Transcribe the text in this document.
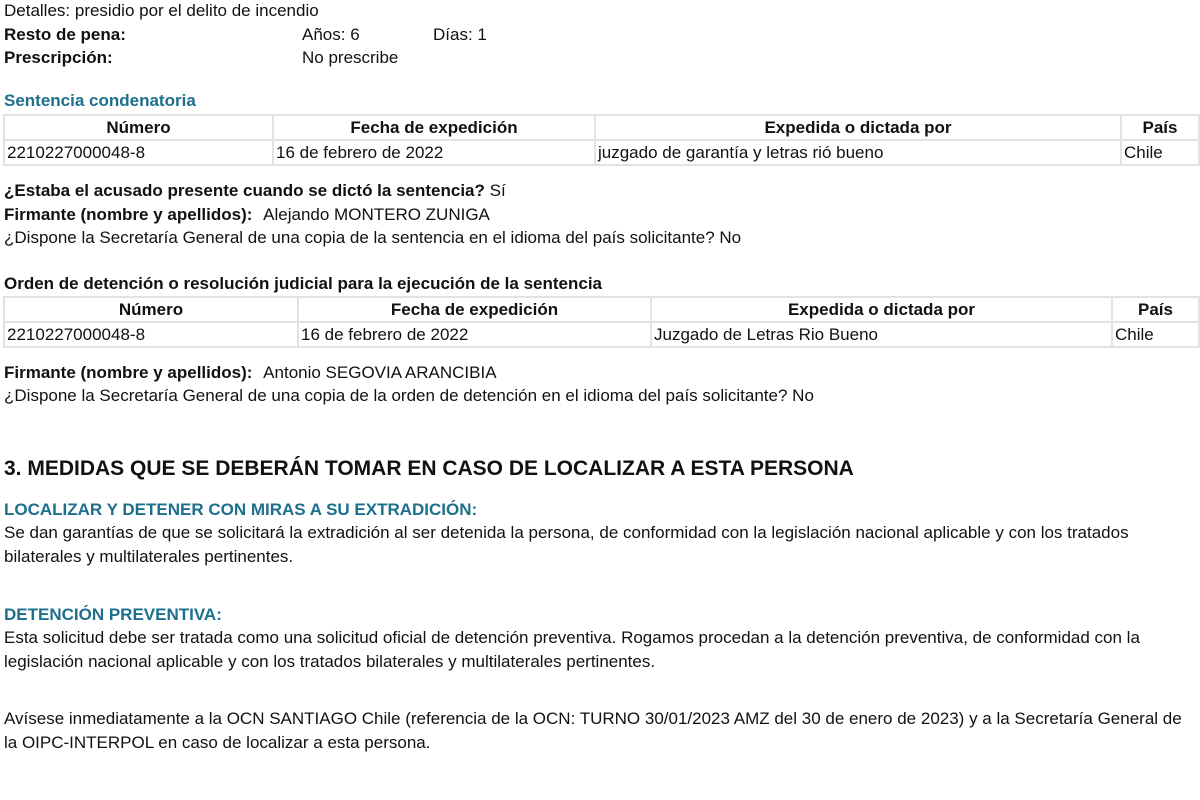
Detalles: presidio por el delito de incendio
Resto de pena:	Años: 6	Días: 1
Prescripción:	No prescribe
Sentencia condenatoria
Número	Fecha de expedición	Expedida o dictada por	País
2210227000048-8	16 de febrero de 2022	juzgado de garantía y letras rió bueno	Chile
¿Estaba el acusado presente cuando se dictó la sentencia? Sí
Firmante (nombre y apellidos): Alejando MONTERO ZUNIGA
¿Dispone la Secretaría General de una copia de la sentencia en el idioma del país solicitante? No
Orden de detención o resolución judicial para la ejecución de la sentencia
Número	Fecha de expedición	Expedida o dictada por	País
2210227000048-8	16 de febrero de 2022	Juzgado de Letras Rio Bueno	Chile
Firmante (nombre y apellidos): Antonio SEGOVIA ARANCIBIA
¿Dispone la Secretaría General de una copia de la orden de detención en el idioma del país solicitante? No
3. MEDIDAS QUE SE DEBERÁN TOMAR EN CASO DE LOCALIZAR A ESTA PERSONA
LOCALIZAR Y DETENER CON MIRAS A SU EXTRADICIÓN:
Se dan garantías de que se solicitará la extradición al ser detenida la persona, de conformidad con la legislación nacional aplicable y con los tratados bilaterales y multilaterales pertinentes.
DETENCIÓN PREVENTIVA:
Esta solicitud debe ser tratada como una solicitud oficial de detención preventiva. Rogamos procedan a la detención preventiva, de conformidad con la legislación nacional aplicable y con los tratados bilaterales y multilaterales pertinentes.
Avísese inmediatamente a la OCN SANTIAGO Chile (referencia de la OCN: TURNO 30/01/2023 AMZ del 30 de enero de 2023) y a la Secretaría General de la OIPC-INTERPOL en caso de localizar a esta persona.
